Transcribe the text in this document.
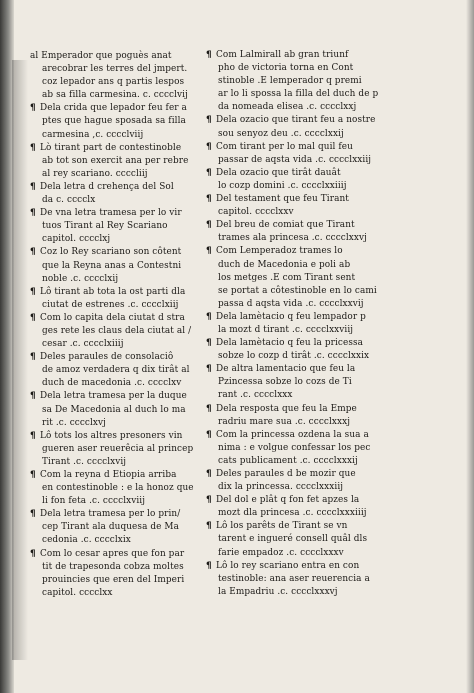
al Emperador que poguès anat
arecobrar les terres del jmpert.
coz lepador ans q partis lespos
ab sa filla carmesina. c. cccclvij
¶ Dela crida que lepador feu fer a
ptes que hague sposada sa filla
carmesina ,c. cccclviij
¶ Lò tirant part de contestinoble
ab tot son exercit ana per rebre
al rey scariano. ccccliij
¶ Dela letra d crehença del Sol
da c. cccclx
¶ De vna letra tramesa per lo vir
tuos Tirant al Rey Scariano
capitol. cccclxj
¶ Coz lo Rey scariano son côtent
que la Reyna anas a Contestni
noble .c. cccclxij
¶ Lô tirant ab tota la ost parti dla
ciutat de estrenes .c. cccclxiij
¶ Com lo capita dela ciutat d stra
ges rete les claus dela ciutat al /
cesar .c. cccclxiiij
¶ Deles paraules de consolaciô
de amoz verdadera q dix tirât al
duch de macedonia .c. cccclxv
¶ Dela letra tramesa per la duque
sa De Macedonia al duch lo ma
rit .c. cccclxvj
¶ Lô tots los altres presoners vin
gueren aser reuerêcia al princep
Tirant .c. cccclxvij
¶ Com la reyna d Etiopia arriba
en contestinoble : e la honoz que
li fon feta .c. cccclxviij
¶ Dela letra tramesa per lo prin/
cep Tirant ala duquesa de Ma
cedonia .c. cccclxix
¶ Com lo cesar apres que fon par
tit de trapesonda cobza moltes
prouincies que eren del Imperi
capitol. cccclxx
¶ Com Lalmirall ab gran triunf
pho de victoria torna en Cont
stinoble .E lemperador q premi
ar lo li spossa la filla del duch de p
da nomeada elisea .c. cccclxxj
¶ Dela ozacio que tirant feu a nostre
sou senyoz deu .c. cccclxxij
¶ Com tirant per lo mal quil feu
passar de aqsta vida .c. cccclxxiij
¶ Dela ozacio que tirât dauât
lo cozp domini .c. cccclxxiiij
¶ Del testament que feu Tirant
capitol. cccclxxv
¶ Del breu de comiat que Tirant
trames ala princesa .c. cccclxxvj
¶ Com Lemperadoz trames lo
duch de Macedonia e poli ab
los metges .E com Tirant sent
se portat a côtestinoble en lo cami
passa d aqsta vida .c. cccclxxvij
¶ Dela lamètacio q feu lempador p
la mozt d tirant .c. cccclxxviij
¶ Dela lamètacio q feu la pricessa
sobze lo cozp d tirât .c. cccclxxix
¶ De altra lamentacio que feu la
Pzincessa sobze lo cozs de Ti
rant .c. cccclxxx
¶ Dela resposta que feu la Empe
radriu mare sua .c. cccclxxxj
¶ Com la princessa ozdena la sua a
nima : e volgue confessar los pec
cats publicament .c. cccclxxxij
¶ Deles paraules d be mozir que
dix la princessa. cccclxxxiij
¶ Del dol e plât q fon fet apzes la
mozt dla princesa .c. cccclxxxiiij
¶ Lô los parêts de Tirant se vn
tarent e ingueré consell quâl dls
farie empadoz .c. cccclxxxv
¶ Lô lo rey scariano entra en con
testinoble: ana aser reuerencia a
la Empadriu .c. cccclxxxvj
